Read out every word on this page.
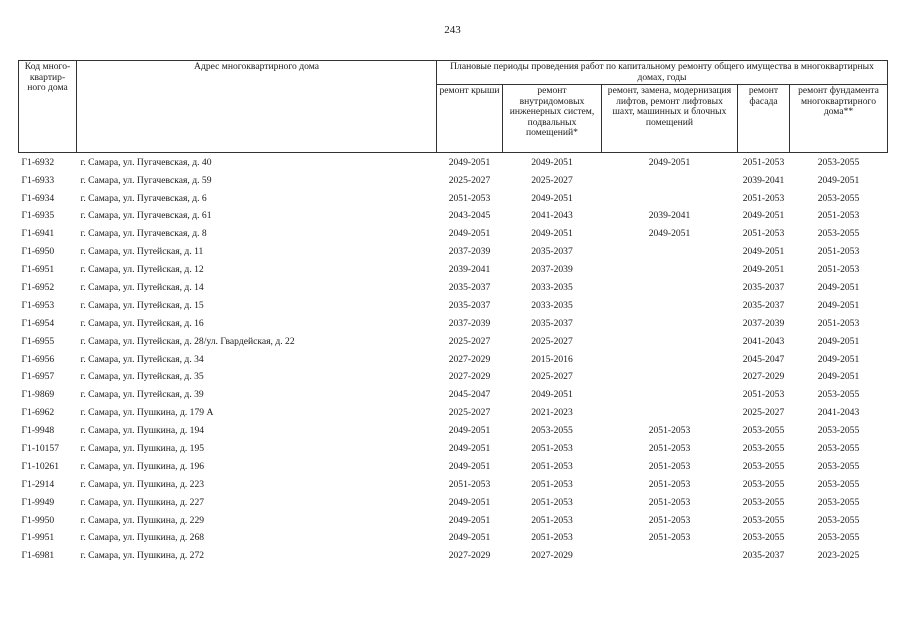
243
Код много-квартир-ного дома	Адрес многоквартирного дома	Плановые периоды проведения работ по капитальному ремонту общего имущества в многоквартирных домах, годы				
		ремонт крыши	ремонт внутридомовых инженерных систем, подвальных помещений*	ремонт, замена, модернизация лифтов, ремонт лифтовых шахт, машинных и блочных помещений	ремонт фасада	ремонт фундамента многоквартирного дома**
Г1-6932	г. Самара, ул. Пугачевская, д. 40	2049-2051	2049-2051	2049-2051	2051-2053	2053-2055
Г1-6933	г. Самара, ул. Пугачевская, д. 59	2025-2027	2025-2027		2039-2041	2049-2051
Г1-6934	г. Самара, ул. Пугачевская, д. 6	2051-2053	2049-2051		2051-2053	2053-2055
Г1-6935	г. Самара, ул. Пугачевская, д. 61	2043-2045	2041-2043	2039-2041	2049-2051	2051-2053
Г1-6941	г. Самара, ул. Пугачевская, д. 8	2049-2051	2049-2051	2049-2051	2051-2053	2053-2055
Г1-6950	г. Самара, ул. Путейская, д. 11	2037-2039	2035-2037		2049-2051	2051-2053
Г1-6951	г. Самара, ул. Путейская, д. 12	2039-2041	2037-2039		2049-2051	2051-2053
Г1-6952	г. Самара, ул. Путейская, д. 14	2035-2037	2033-2035		2035-2037	2049-2051
Г1-6953	г. Самара, ул. Путейская, д. 15	2035-2037	2033-2035		2035-2037	2049-2051
Г1-6954	г. Самара, ул. Путейская, д. 16	2037-2039	2035-2037		2037-2039	2051-2053
Г1-6955	г. Самара, ул. Путейская, д. 28/ул. Гвардейская, д. 22	2025-2027	2025-2027		2041-2043	2049-2051
Г1-6956	г. Самара, ул. Путейская, д. 34	2027-2029	2015-2016		2045-2047	2049-2051
Г1-6957	г. Самара, ул. Путейская, д. 35	2027-2029	2025-2027		2027-2029	2049-2051
Г1-9869	г. Самара, ул. Путейская, д. 39	2045-2047	2049-2051		2051-2053	2053-2055
Г1-6962	г. Самара, ул. Пушкина, д. 179 А	2025-2027	2021-2023		2025-2027	2041-2043
Г1-9948	г. Самара, ул. Пушкина, д. 194	2049-2051	2053-2055	2051-2053	2053-2055	2053-2055
Г1-10157	г. Самара, ул. Пушкина, д. 195	2049-2051	2051-2053	2051-2053	2053-2055	2053-2055
Г1-10261	г. Самара, ул. Пушкина, д. 196	2049-2051	2051-2053	2051-2053	2053-2055	2053-2055
Г1-2914	г. Самара, ул. Пушкина, д. 223	2051-2053	2051-2053	2051-2053	2053-2055	2053-2055
Г1-9949	г. Самара, ул. Пушкина, д. 227	2049-2051	2051-2053	2051-2053	2053-2055	2053-2055
Г1-9950	г. Самара, ул. Пушкина, д. 229	2049-2051	2051-2053	2051-2053	2053-2055	2053-2055
Г1-9951	г. Самара, ул. Пушкина, д. 268	2049-2051	2051-2053	2051-2053	2053-2055	2053-2055
Г1-6981	г. Самара, ул. Пушкина, д. 272	2027-2029	2027-2029		2035-2037	2023-2025
